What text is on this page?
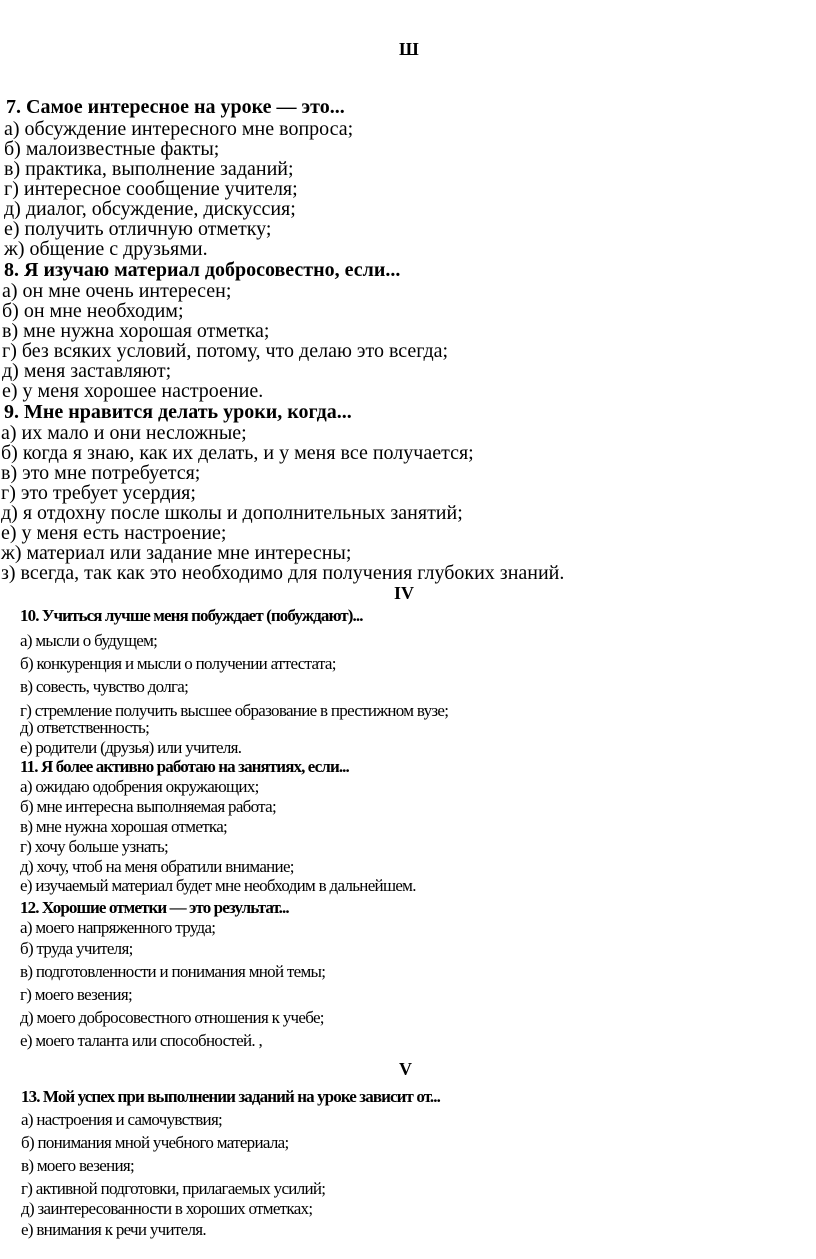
Ш
IV
V
7. Самое интересное на уроке — это...
а) обсуждение интересного мне вопроса;
б) малоизвестные факты;
в) практика, выполнение заданий;
г) интересное сообщение учителя;
д) диалог, обсуждение, дискуссия;
е) получить отличную отметку;
ж) общение с друзьями.
8. Я изучаю материал добросовестно, если...
а) он мне очень интересен;
б) он мне необходим;
в) мне нужна хорошая отметка;
г) без всяких условий, потому, что делаю это всегда;
д) меня заставляют;
е) у меня хорошее настроение.
9. Мне нравится делать уроки, когда...
а) их мало и они несложные;
б) когда я знаю, как их делать, и у меня все получается;
в) это мне потребуется;
г) это требует усердия;
д) я отдохну после школы и дополнительных занятий;
е) у меня есть настроение;
ж) материал или задание мне интересны;
з) всегда, так как это необходимо для получения глубоких знаний.
10. Учиться лучше меня побуждает (побуждают)...
а) мысли о будущем;
б) конкуренция и мысли о получении аттестата;
в) совесть, чувство долга;
г) стремление получить высшее образование в престижном вузе;
д) ответственность;
е) родители (друзья) или учителя.
11. Я более активно работаю на занятиях, если...
а) ожидаю одобрения окружающих;
б) мне интересна выполняемая работа;
в) мне нужна хорошая отметка;
г) хочу больше узнать;
д) хочу, чтоб на меня обратили внимание;
е) изучаемый материал будет мне необходим в дальнейшем.
12. Хорошие отметки — это результат...
а) моего напряженного труда;
б) труда учителя;
в) подготовленности и понимания мной темы;
г) моего везения;
д) моего добросовестного отношения к учебе;
е) моего таланта или способностей. ,
13. Мой успех при выполнении заданий на уроке зависит от...
а) настроения и самочувствия;
б) понимания мной учебного материала;
в) моего везения;
г) активной подготовки, прилагаемых усилий;
д) заинтересованности в хороших отметках;
е) внимания к речи учителя.
